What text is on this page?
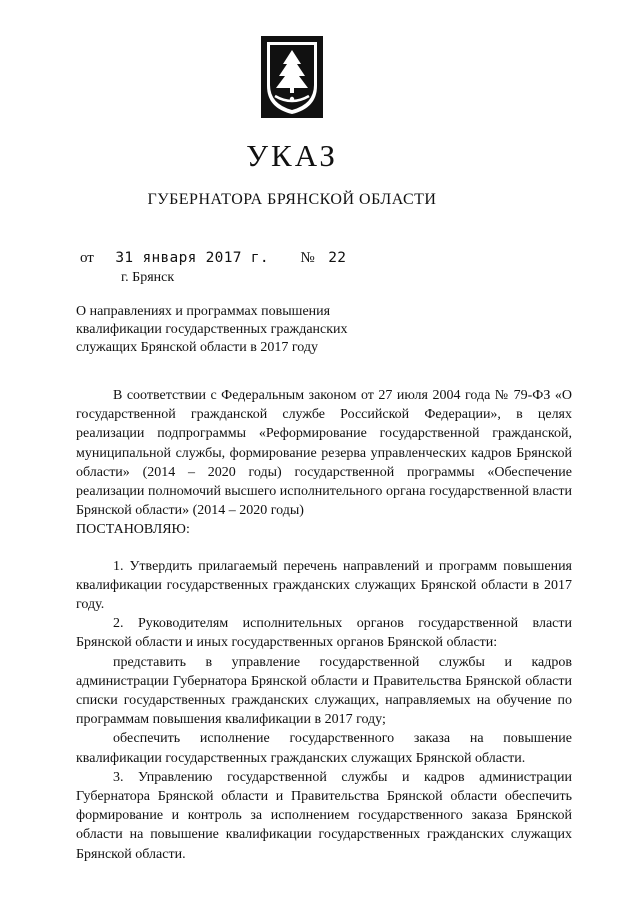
УКАЗ
ГУБЕРНАТОРА БРЯНСКОЙ ОБЛАСТИ
от 31 января 2017 г. № 22
г. Брянск
О направлениях и программах повышения
квалификации государственных гражданских
служащих Брянской области в 2017 году

В соответствии с Федеральным законом от 27 июля 2004 года № 79-ФЗ «О государственной гражданской службе Российской Федерации», в целях реализации подпрограммы «Реформирование государственной гражданской, муниципальной службы, формирование резерва управленческих кадров Брянской области» (2014 – 2020 годы) государственной программы «Обеспечение реализации полномочий высшего исполнительного органа государственной власти Брянской области» (2014 – 2020 годы)

ПОСТАНОВЛЯЮ:

1. Утвердить прилагаемый перечень направлений и программ повышения квалификации государственных гражданских служащих Брянской области в 2017 году.

2. Руководителям исполнительных органов государственной власти Брянской области и иных государственных органов Брянской области:

представить в управление государственной службы и кадров администрации Губернатора Брянской области и Правительства Брянской области списки государственных гражданских служащих, направляемых на обучение по программам повышения квалификации в 2017 году;

обеспечить исполнение государственного заказа на повышение квалификации государственных гражданских служащих Брянской области.

3. Управлению государственной службы и кадров администрации Губернатора Брянской области и Правительства Брянской области обеспечить формирование и контроль за исполнением государственного заказа Брянской области на повышение квалификации государственных гражданских служащих Брянской области.
